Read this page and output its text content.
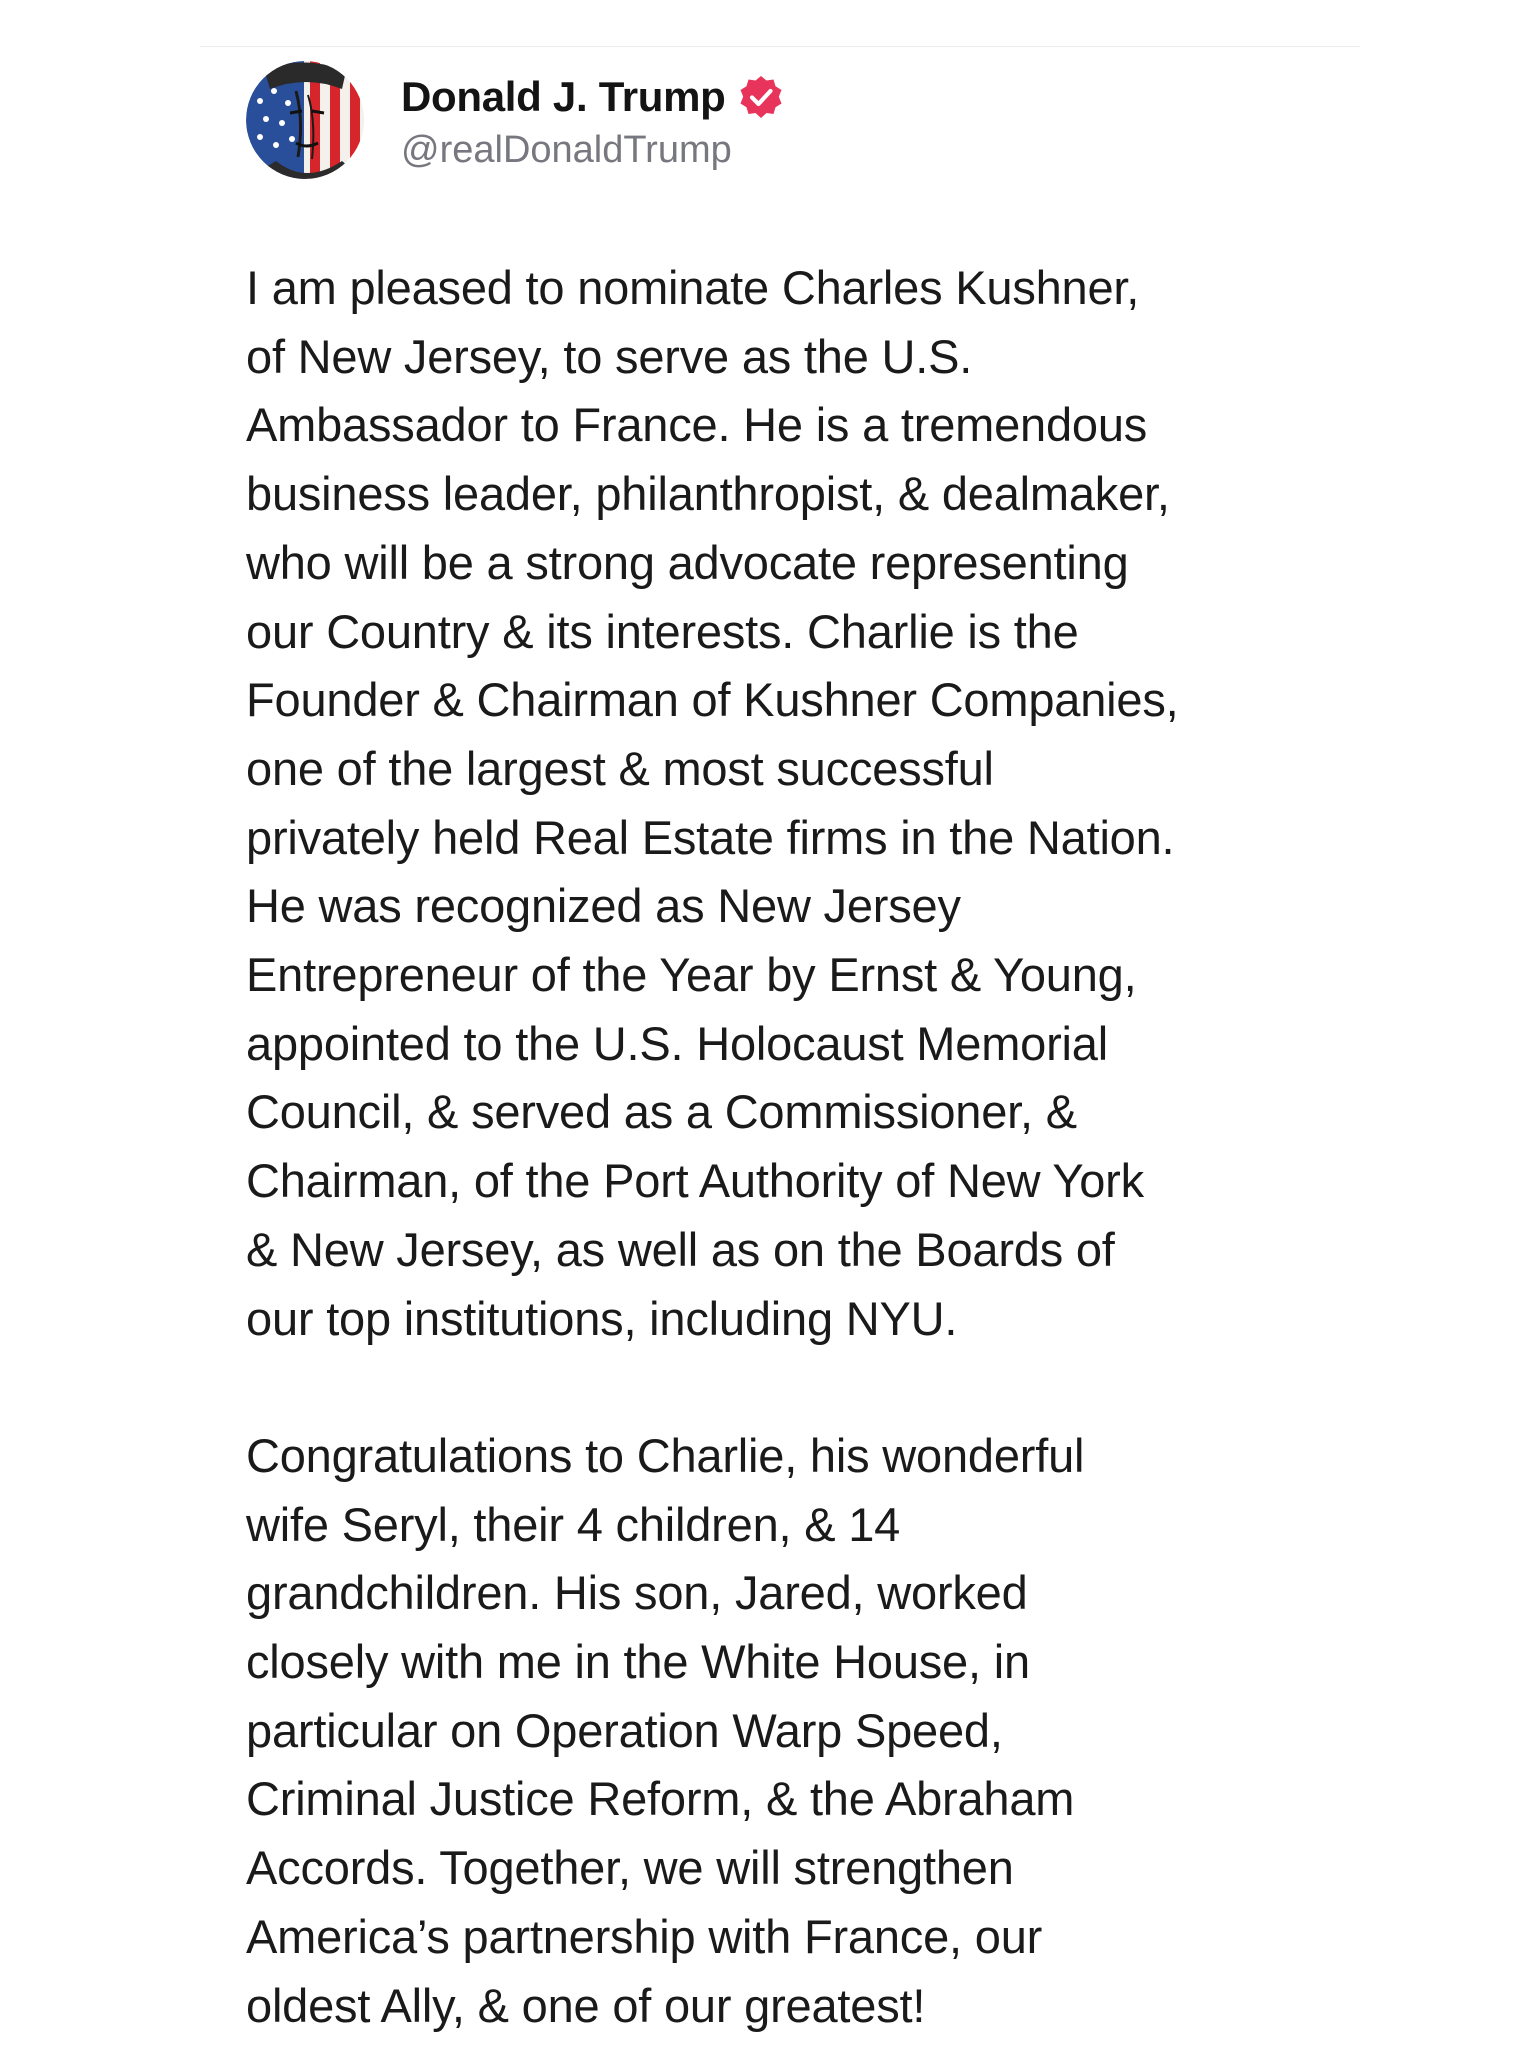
Donald J. Trump
@realDonaldTrump
I am pleased to nominate Charles Kushner,
of New Jersey, to serve as the U.S.
Ambassador to France. He is a tremendous
business leader, philanthropist, & dealmaker,
who will be a strong advocate representing
our Country & its interests. Charlie is the
Founder & Chairman of Kushner Companies,
one of the largest & most successful
privately held Real Estate firms in the Nation.
He was recognized as New Jersey
Entrepreneur of the Year by Ernst & Young,
appointed to the U.S. Holocaust Memorial
Council, & served as a Commissioner, &
Chairman, of the Port Authority of New York
& New Jersey, as well as on the Boards of
our top institutions, including NYU.
Congratulations to Charlie, his wonderful
wife Seryl, their 4 children, & 14
grandchildren. His son, Jared, worked
closely with me in the White House, in
particular on Operation Warp Speed,
Criminal Justice Reform, & the Abraham
Accords. Together, we will strengthen
America’s partnership with France, our
oldest Ally, & one of our greatest!
